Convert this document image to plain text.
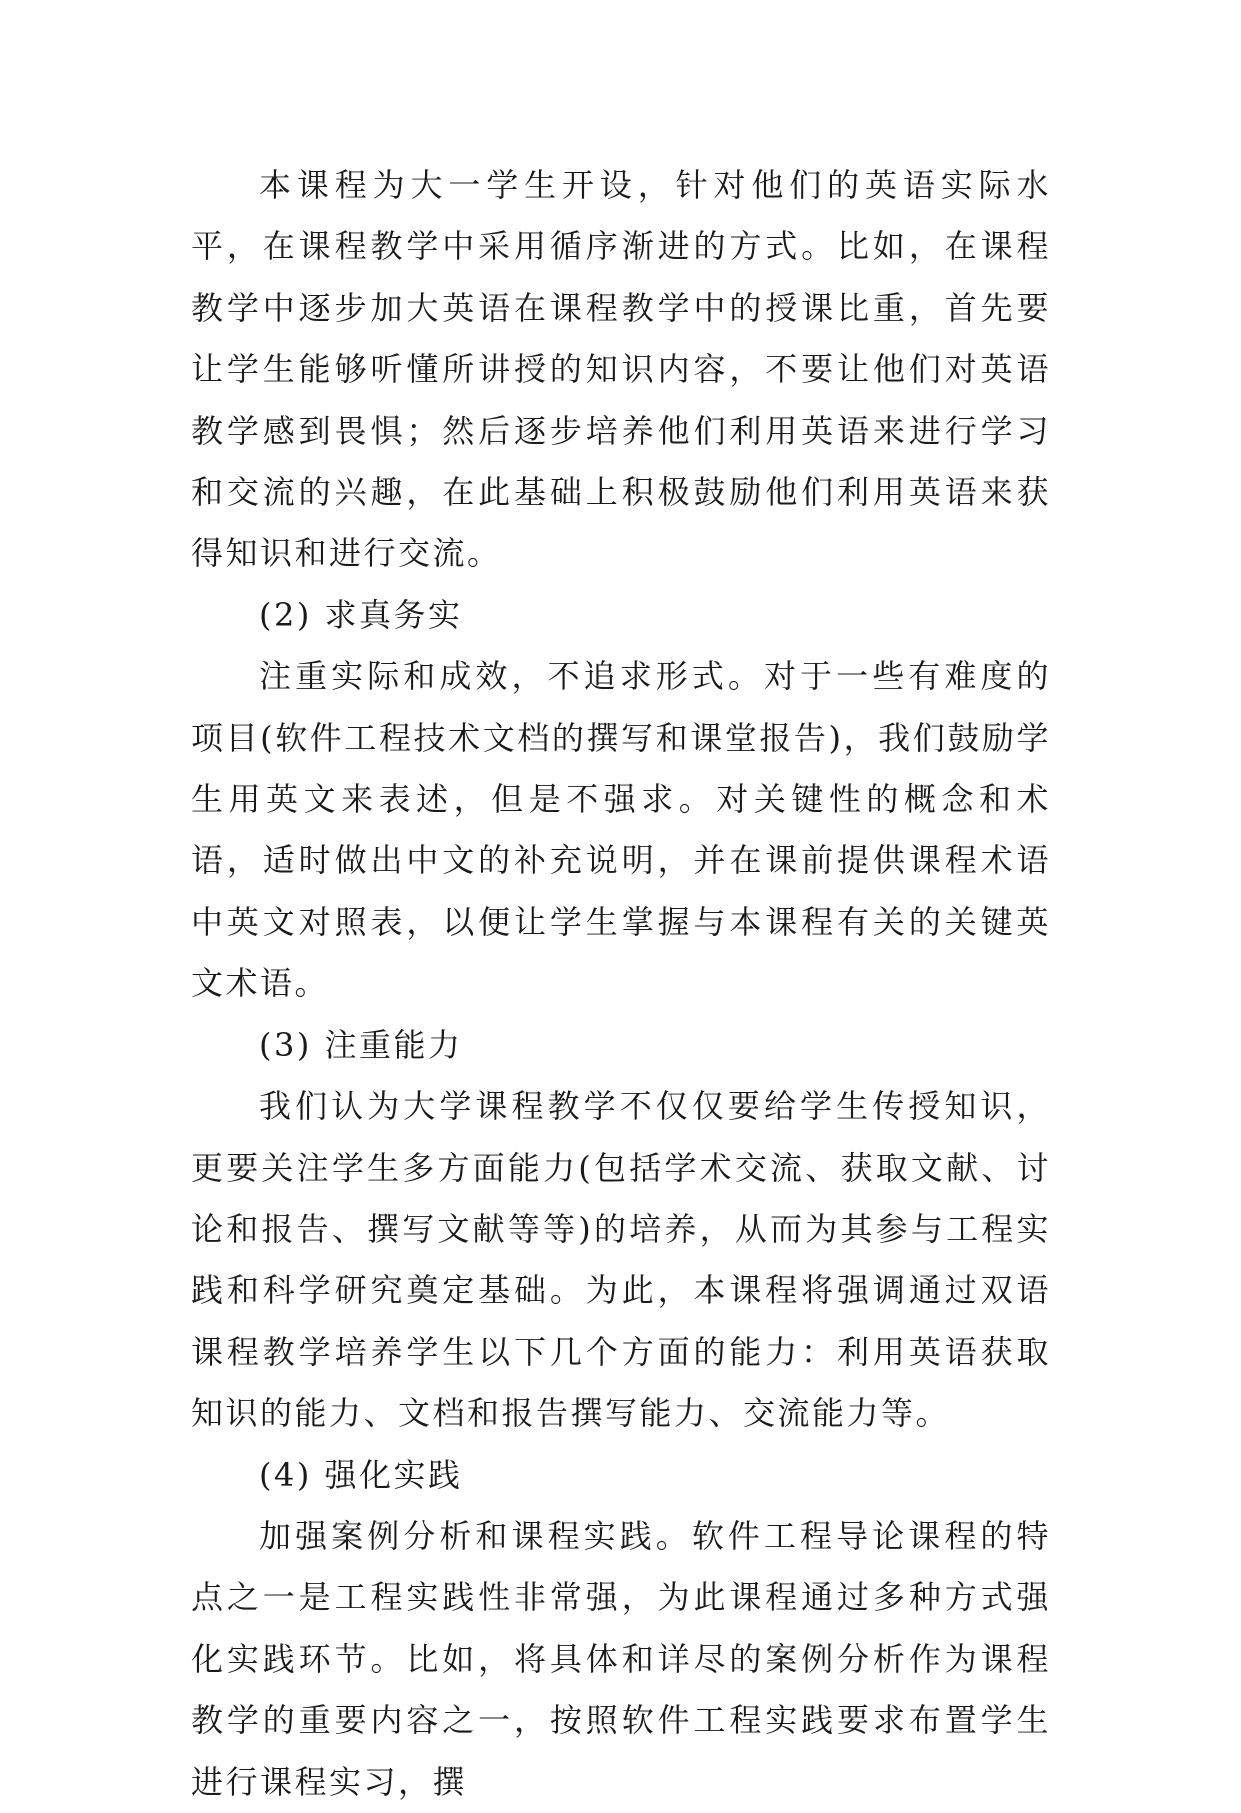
本课程为大一学生开设，针对他们的英语实际水平，在课程教学中采用循序渐进的方式。比如，在课程教学中逐步加大英语在课程教学中的授课比重，首先要让学生能够听懂所讲授的知识内容，不要让他们对英语教学感到畏惧；然后逐步培养他们利用英语来进行学习和交流的兴趣，在此基础上积极鼓励他们利用英语来获得知识和进行交流。

(2) 求真务实

注重实际和成效，不追求形式。对于一些有难度的项目(软件工程技术文档的撰写和课堂报告)，我们鼓励学生用英文来表述，但是不强求。对关键性的概念和术语，适时做出中文的补充说明，并在课前提供课程术语中英文对照表，以便让学生掌握与本课程有关的关键英文术语。

(3) 注重能力

我们认为大学课程教学不仅仅要给学生传授知识，更要关注学生多方面能力(包括学术交流、获取文献、讨论和报告、撰写文献等等)的培养，从而为其参与工程实践和科学研究奠定基础。为此，本课程将强调通过双语课程教学培养学生以下几个方面的能力：利用英语获取知识的能力、文档和报告撰写能力、交流能力等。

(4) 强化实践

加强案例分析和课程实践。软件工程导论课程的特点之一是工程实践性非常强，为此课程通过多种方式强化实践环节。比如，将具体和详尽的案例分析作为课程教学的重要内容之一，按照软件工程实践要求布置学生进行课程实习，撰
